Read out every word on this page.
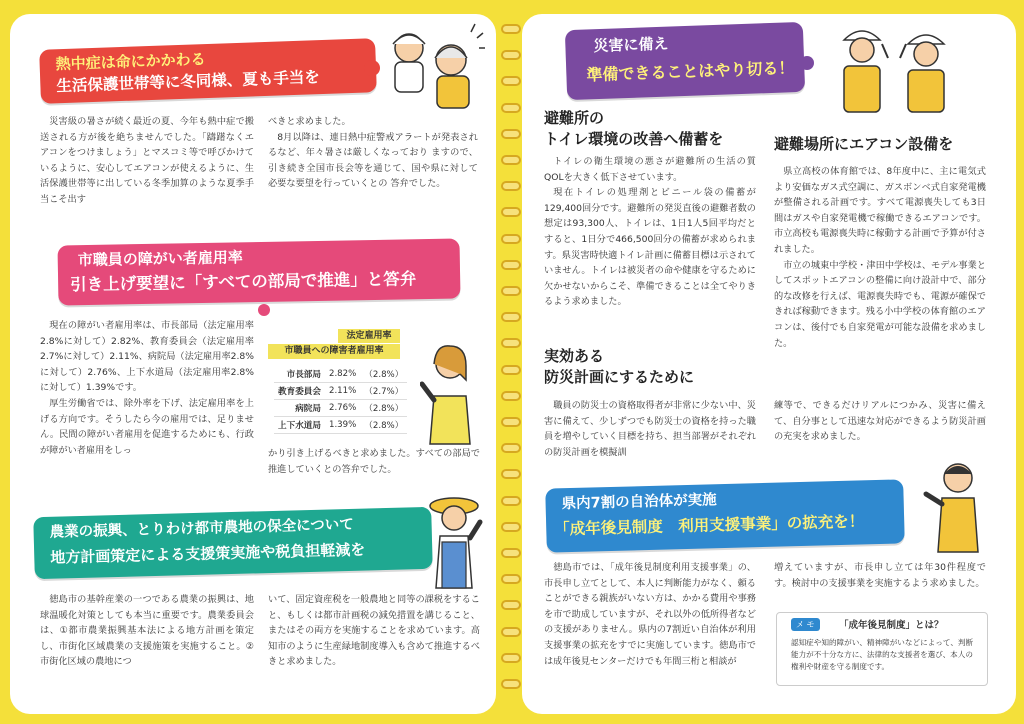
熱中症は命にかかわる
生活保護世帯等に冬同様、夏も手当を

災害級の暑さが続く最近の夏、今年も熱中症で搬送される方が後を絶ちませんでした。「躊躇なくエアコンをつけましょう」とマスコミ等で呼びかけているように、安心してエアコンが使えるように、生活保護世帯等に出している冬季加算のような夏季手当こそ出す

べきと求めました。

8月以降は、連日熱中症警戒アラートが発表されるなど、年々暑さは厳しくなっており ますので、引き続き全国市長会等を通じて、国や県に対して必要な要望を行っていくとの 答弁でした。

市職員の障がい者雇用率
引き上げ要望に「すべての部局で推進」と答弁

現在の障がい者雇用率は、市長部局（法定雇用率2.8%に対して）2.82%、教育委員会（法定雇用率2.7%に対して）2.11%、病院局（法定雇用率2.8%に対して）2.76%、上下水道局（法定雇用率2.8%に対して）1.39%です。

厚生労働省では、除外率を下げ、法定雇用率を上げる方向です。そうしたら今の雇用では、足りません。民間の障がい者雇用を促進するためにも、行政が障がい者雇用をしっ

法定雇用率
市職員への障害者雇用率
市長部局	2.82%	（2.8%）
教育委員会	2.11%	（2.7%）
病院局	2.76%	（2.8%）
上下水道局	1.39%	（2.8%）

かり引き上げるべきと求めました。すべての部局で推進していくとの答弁でした。

農業の振興、とりわけ都市農地の保全について
地方計画策定による支援策実施や税負担軽減を

徳島市の基幹産業の一つである農業の振興は、地球温暖化対策としても本当に重要です。農業委員会は、①都市農業振興基本法による地方計画を策定し、市街化区域農業の支援施策を実施すること。②市街化区域の農地につ

いて、固定資産税を一般農地と同等の課税をすること、もしくは都市計画税の減免措置を講じること、またはその両方を実施することを求めています。高知市のように生産緑地制度導入も含めて推進するべきと求めました。

災害に備え
準備できることはやり切る！
避難所の
トイレ環境の改善へ備蓄を

トイレの衛生環境の悪さが避難所の生活の質QOLを大きく低下させています。

現在トイレの処理剤とビニール袋の備蓄が129,400回分です。避難所の発災直後の避難者数の想定は93,300人、トイレは、1日1人5回平均だとすると、1日分で466,500回分の備蓄が求められます。県災害時快適トイレ計画に備蓄目標は示されていません。トイレは被災者の命や健康を守るために欠かせないからこそ、準備できることは全てやりきるよう求めました。

実効ある
防災計画にするために

職員の防災士の資格取得者が非常に少ない中、災害に備えて、少しずつでも防災士の資格を持った職員を増やしていく目標を持ち、担当部署がそれぞれの防災計画を模擬訓

避難場所にエアコン設備を

県立高校の体育館では、8年度中に、主に電気式より安価なガス式空調に、ガスボンベ式自家発電機が整備される計画です。すべて電源喪失しても3日間はガスや自家発電機で稼働できるエアコンです。市立高校も電源喪失時に稼動する計画で予算が付されました。

市立の城東中学校・津田中学校は、モデル事業としてスポットエアコンの整備に向け設計中で、部分的な改修を行えば、電源喪失時でも、電源が確保できれば稼動できます。残る小中学校の体育館のエアコンは、後付でも自家発電が可能な設備を求めました。

練等で、できるだけリアルにつかみ、災害に備えて、自分事として迅速な対応ができるよう防災計画の充実を求めました。

県内7割の自治体が実施
「成年後見制度　利用支援事業」の拡充を！

徳島市では、「成年後見制度利用支援事業」の、市長申し立てとして、本人に判断能力がなく、頼ることができる親族がいない方は、かかる費用や事務を市で助成していますが、それ以外の低所得者などの支援がありません。県内の7割近い自治体が利用支援事業の拡充をすでに実施しています。徳島市では成年後見センターだけでも年間三桁と相談が

増えていますが、市長申し立ては年30件程度です。検討中の支援事業を実施するよう求めました。

メ モ	「成年後見制度」とは？
認知症や知的障がい、精神障がいなどによって、判断能力が不十分な方に、法律的な支援者を選び、本人の権利や財産を守る制度です。
